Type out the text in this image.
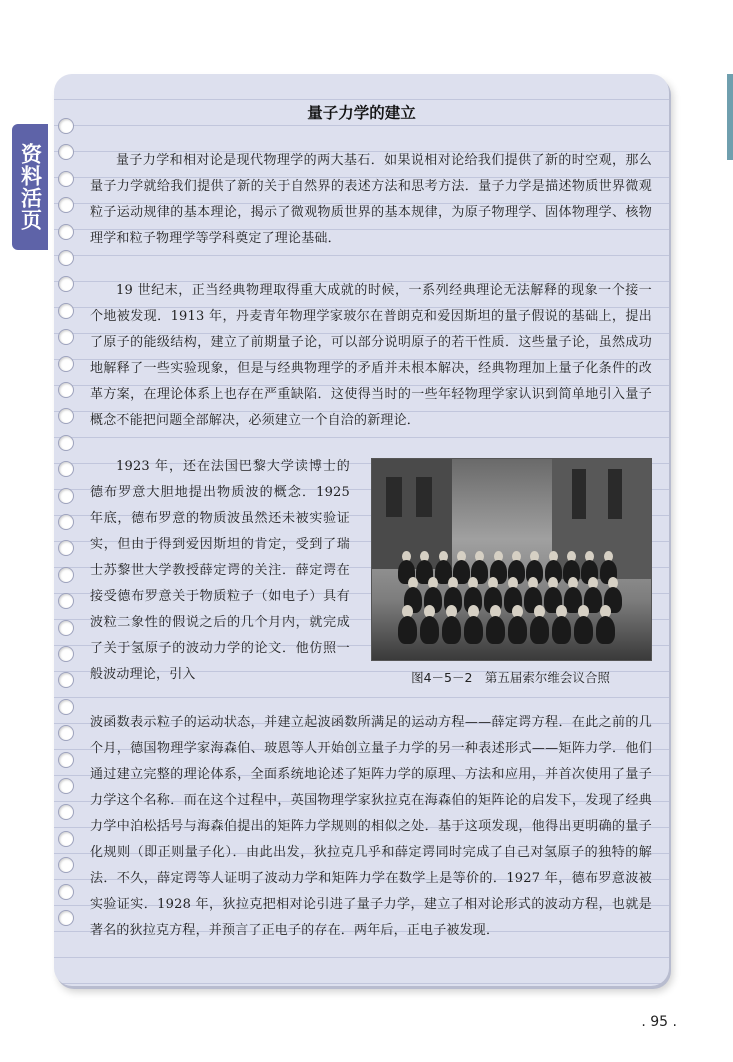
资料活页
量子力学的建立

量子力学和相对论是现代物理学的两大基石．如果说相对论给我们提供了新的时空观，那么量子力学就给我们提供了新的关于自然界的表述方法和思考方法．量子力学是描述物质世界微观粒子运动规律的基本理论，揭示了微观物质世界的基本规律，为原子物理学、固体物理学、核物理学和粒子物理学等学科奠定了理论基础．

19 世纪末，正当经典物理取得重大成就的时候，一系列经典理论无法解释的现象一个接一个地被发现．1913 年，丹麦青年物理学家玻尔在普朗克和爱因斯坦的量子假说的基础上，提出了原子的能级结构，建立了前期量子论，可以部分说明原子的若干性质．这些量子论，虽然成功地解释了一些实验现象，但是与经典物理学的矛盾并未根本解决，经典物理加上量子化条件的改革方案，在理论体系上也存在严重缺陷．这使得当时的一些年轻物理学家认识到简单地引入量子概念不能把问题全部解决，必须建立一个自洽的新理论．

1923 年，还在法国巴黎大学读博士的德布罗意大胆地提出物质波的概念．1925 年底，德布罗意的物质波虽然还未被实验证实，但由于得到爱因斯坦的肯定，受到了瑞士苏黎世大学教授薛定谔的关注．薛定谔在接受德布罗意关于物质粒子（如电子）具有波粒二象性的假说之后的几个月内，就完成了关于氢原子的波动力学的论文．他仿照一般波动理论，引入

波函数表示粒子的运动状态，并建立起波函数所满足的运动方程——薛定谔方程．在此之前的几个月，德国物理学家海森伯、玻恩等人开始创立量子力学的另一种表述形式——矩阵力学．他们通过建立完整的理论体系，全面系统地论述了矩阵力学的原理、方法和应用，并首次使用了量子力学这个名称．而在这个过程中，英国物理学家狄拉克在海森伯的矩阵论的启发下，发现了经典力学中泊松括号与海森伯提出的矩阵力学规则的相似之处．基于这项发现，他得出更明确的量子化规则（即正则量子化）．由此出发，狄拉克几乎和薛定谔同时完成了自己对氢原子的独特的解法．不久，薛定谔等人证明了波动力学和矩阵力学在数学上是等价的．1927 年，德布罗意波被实验证实．1928 年，狄拉克把相对论引进了量子力学，建立了相对论形式的波动方程，也就是著名的狄拉克方程，并预言了正电子的存在．两年后，正电子被发现．

图4－5－2　第五届索尔维会议合照

. 95 .
